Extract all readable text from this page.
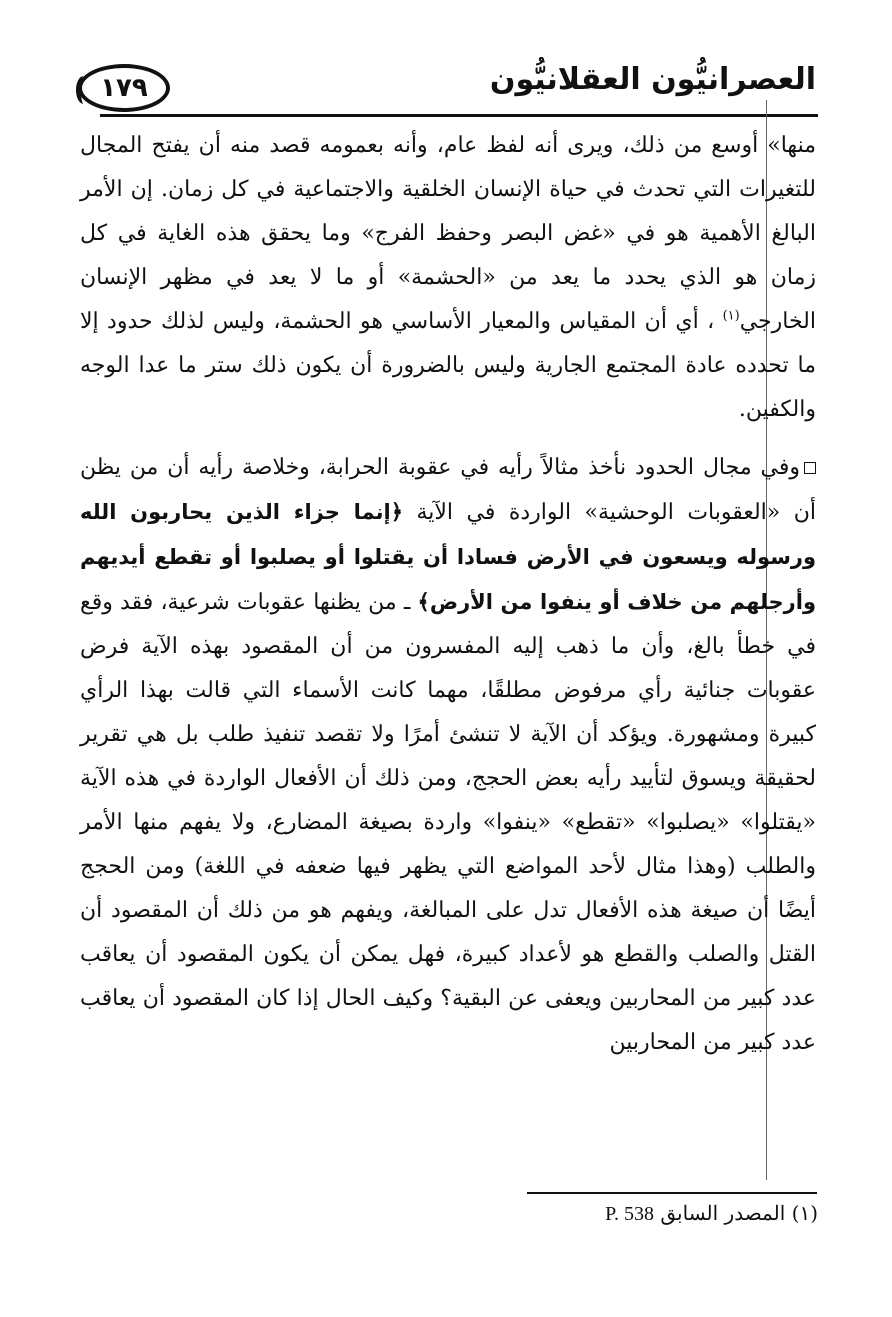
العصرانيُّون العقلانيُّون
١٧٩

منها» أوسع من ذلك، ويرى أنه لفظ عام، وأنه بعمومه قصد منه أن يفتح المجال للتغيرات التي تحدث في حياة الإنسان الخلقية والاجتماعية في كل زمان. إن الأمر البالغ الأهمية هو في «غض البصر وحفظ الفرج» وما يحقق هذه الغاية في كل زمان هو الذي يحدد ما يعد من «الحشمة» أو ما لا يعد في مظهر الإنسان الخارجي$^{(١)}$ ، أي أن المقياس والمعيار الأساسي هو الحشمة، وليس لذلك حدود إلا ما تحدده عادة المجتمع الجارية وليس بالضرورة أن يكون ذلك ستر ما عدا الوجه والكفين.

وفي مجال الحدود نأخذ مثالاً رأيه في عقوبة الحرابة، وخلاصة رأيه أن من يظن أن «العقوبات الوحشية» الواردة في الآية ﴿إنما جزاء الذين يحاربون الله ورسوله ويسعون في الأرض فسادا أن يقتلوا أو يصلبوا أو تقطع أيديهم وأرجلهم من خلاف أو ينفوا من الأرض﴾ ـ من يظنها عقوبات شرعية، فقد وقع في خطأ بالغ، وأن ما ذهب إليه المفسرون من أن المقصود بهذه الآية فرض عقوبات جنائية رأي مرفوض مطلقًا، مهما كانت الأسماء التي قالت بهذا الرأي كبيرة ومشهورة. ويؤكد أن الآية لا تنشئ أمرًا ولا تقصد تنفيذ طلب بل هي تقرير لحقيقة ويسوق لتأييد رأيه بعض الحجج، ومن ذلك أن الأفعال الواردة في هذه الآية «يقتلوا» «يصلبوا» «تقطع» «ينفوا» واردة بصيغة المضارع، ولا يفهم منها الأمر والطلب (وهذا مثال لأحد المواضع التي يظهر فيها ضعفه في اللغة) ومن الحجج أيضًا أن صيغة هذه الأفعال تدل على المبالغة، ويفهم هو من ذلك أن المقصود أن القتل والصلب والقطع هو لأعداد كبيرة، فهل يمكن أن يكون المقصود أن يعاقب عدد كبير من المحاربين ويعفى عن البقية؟ وكيف الحال إذا كان المقصود أن يعاقب عدد كبير من المحاربين

(١) المصدر السابق P. 538
